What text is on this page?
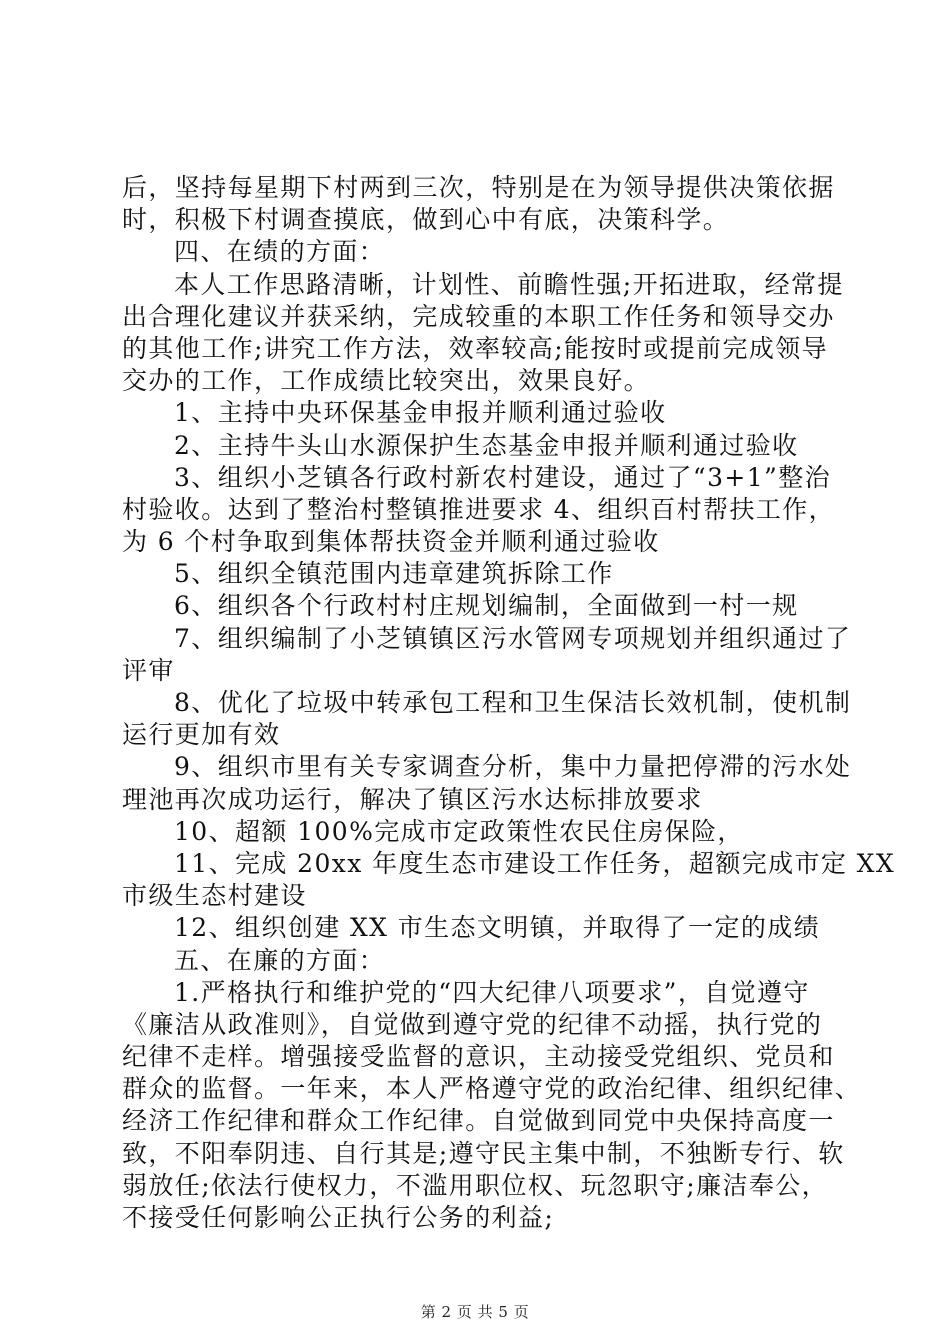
后，坚持每星期下村两到三次，特别是在为领导提供决策依据
时，积极下村调查摸底，做到心中有底，决策科学。
四、在绩的方面：
本人工作思路清晰，计划性、前瞻性强;开拓进取，经常提
出合理化建议并获采纳，完成较重的本职工作任务和领导交办
的其他工作;讲究工作方法，效率较高;能按时或提前完成领导
交办的工作，工作成绩比较突出，效果良好。
1、主持中央环保基金申报并顺利通过验收
2、主持牛头山水源保护生态基金申报并顺利通过验收
3、组织小芝镇各行政村新农村建设，通过了“3+1”整治
村验收。达到了整治村整镇推进要求 4、组织百村帮扶工作，
为 6 个村争取到集体帮扶资金并顺利通过验收
5、组织全镇范围内违章建筑拆除工作
6、组织各个行政村村庄规划编制，全面做到一村一规
7、组织编制了小芝镇镇区污水管网专项规划并组织通过了
评审
8、优化了垃圾中转承包工程和卫生保洁长效机制，使机制
运行更加有效
9、组织市里有关专家调查分析，集中力量把停滞的污水处
理池再次成功运行，解决了镇区污水达标排放要求
10、超额 100%完成市定政策性农民住房保险，
11、完成 20xx 年度生态市建设工作任务，超额完成市定 XX
市级生态村建设
12、组织创建 XX 市生态文明镇，并取得了一定的成绩
五、在廉的方面：
1.严格执行和维护党的“四大纪律八项要求”，自觉遵守
《廉洁从政准则》，自觉做到遵守党的纪律不动摇，执行党的
纪律不走样。增强接受监督的意识，主动接受党组织、党员和
群众的监督。一年来，本人严格遵守党的政治纪律、组织纪律、
经济工作纪律和群众工作纪律。自觉做到同党中央保持高度一
致，不阳奉阴违、自行其是;遵守民主集中制，不独断专行、软
弱放任;依法行使权力，不滥用职位权、玩忽职守;廉洁奉公，
不接受任何影响公正执行公务的利益;
第 2 页 共 5 页
